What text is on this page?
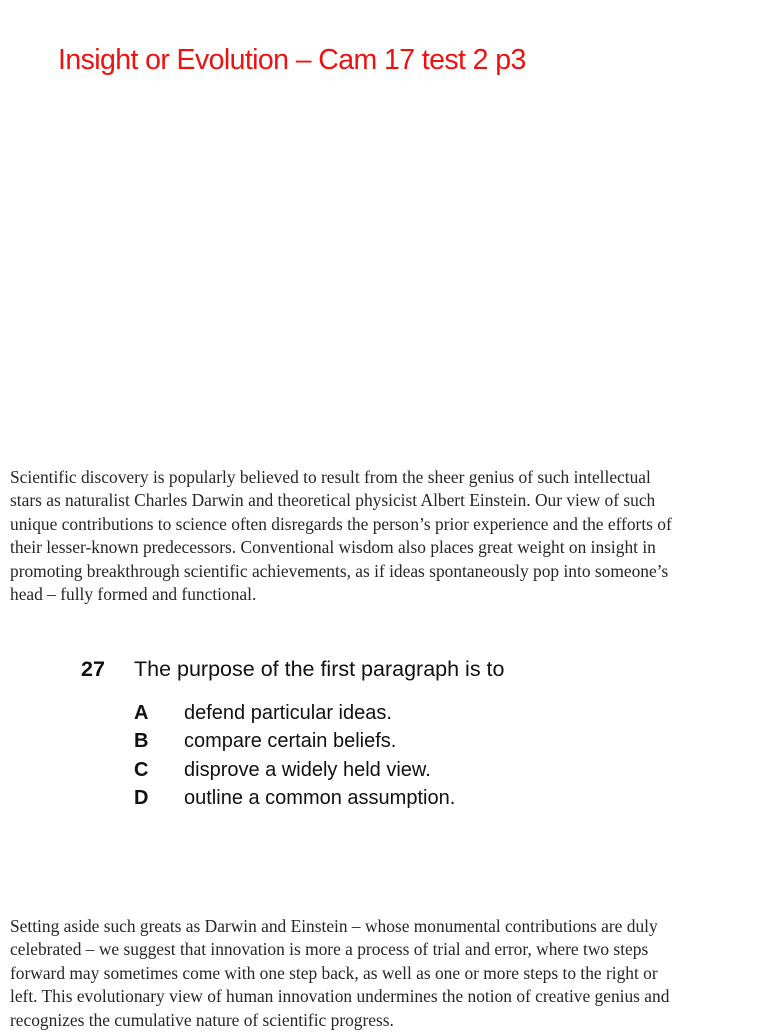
Insight or Evolution – Cam 17 test 2 p3
Scientific discovery is popularly believed to result from the sheer genius of such intellectual
stars as naturalist Charles Darwin and theoretical physicist Albert Einstein. Our view of such
unique contributions to science often disregards the person’s prior experience and the efforts of
their lesser-known predecessors. Conventional wisdom also places great weight on insight in
promoting breakthrough scientific achievements, as if ideas spontaneously pop into someone’s
head – fully formed and functional.
27	The purpose of the first paragraph is to
A	defend particular ideas.
B	compare certain beliefs.
C	disprove a widely held view.
D	outline a common assumption.
Setting aside such greats as Darwin and Einstein – whose monumental contributions are duly
celebrated – we suggest that innovation is more a process of trial and error, where two steps
forward may sometimes come with one step back, as well as one or more steps to the right or
left. This evolutionary view of human innovation undermines the notion of creative genius and
recognizes the cumulative nature of scientific progress.
